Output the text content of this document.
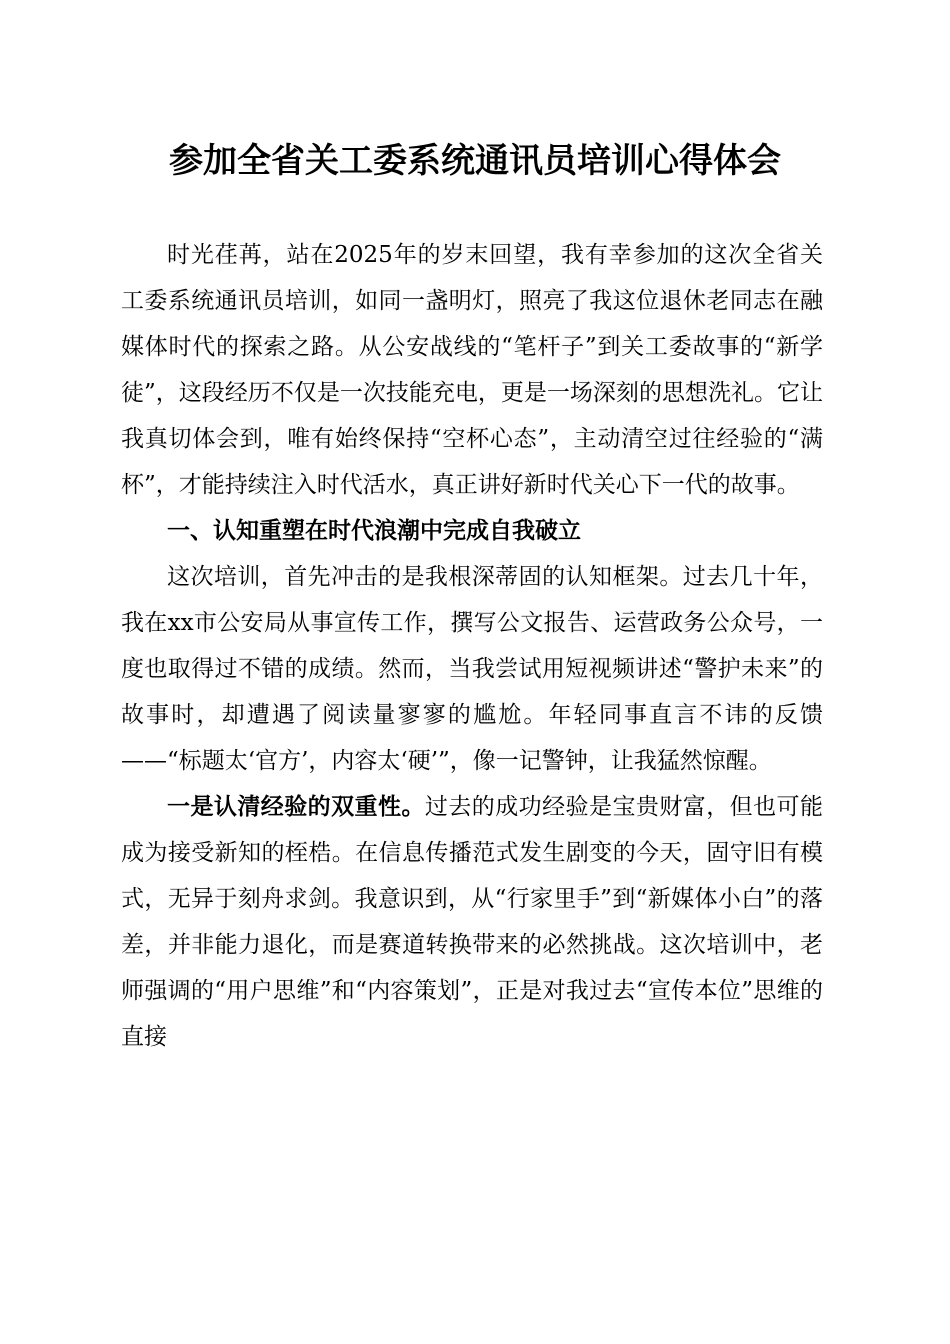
参加全省关工委系统通讯员培训心得体会

时光荏苒，站在2025年的岁末回望，我有幸参加的这次全省关工委系统通讯员培训，如同一盏明灯，照亮了我这位退休老同志在融媒体时代的探索之路。从公安战线的“笔杆子”到关工委故事的“新学徒”，这段经历不仅是一次技能充电，更是一场深刻的思想洗礼。它让我真切体会到，唯有始终保持“空杯心态”，主动清空过往经验的“满杯”，才能持续注入时代活水，真正讲好新时代关心下一代的故事。

一、认知重塑在时代浪潮中完成自我破立

这次培训，首先冲击的是我根深蒂固的认知框架。过去几十年，我在xx市公安局从事宣传工作，撰写公文报告、运营政务公众号，一度也取得过不错的成绩。然而，当我尝试用短视频讲述“警护未来”的故事时，却遭遇了阅读量寥寥的尴尬。年轻同事直言不讳的反馈——“标题太‘官方’，内容太‘硬’”，像一记警钟，让我猛然惊醒。

一是认清经验的双重性。过去的成功经验是宝贵财富，但也可能成为接受新知的桎梏。在信息传播范式发生剧变的今天，固守旧有模式，无异于刻舟求剑。我意识到，从“行家里手”到“新媒体小白”的落差，并非能力退化，而是赛道转换带来的必然挑战。这次培训中，老师强调的“用户思维”和“内容策划”，正是对我过去“宣传本位”思维的直接
